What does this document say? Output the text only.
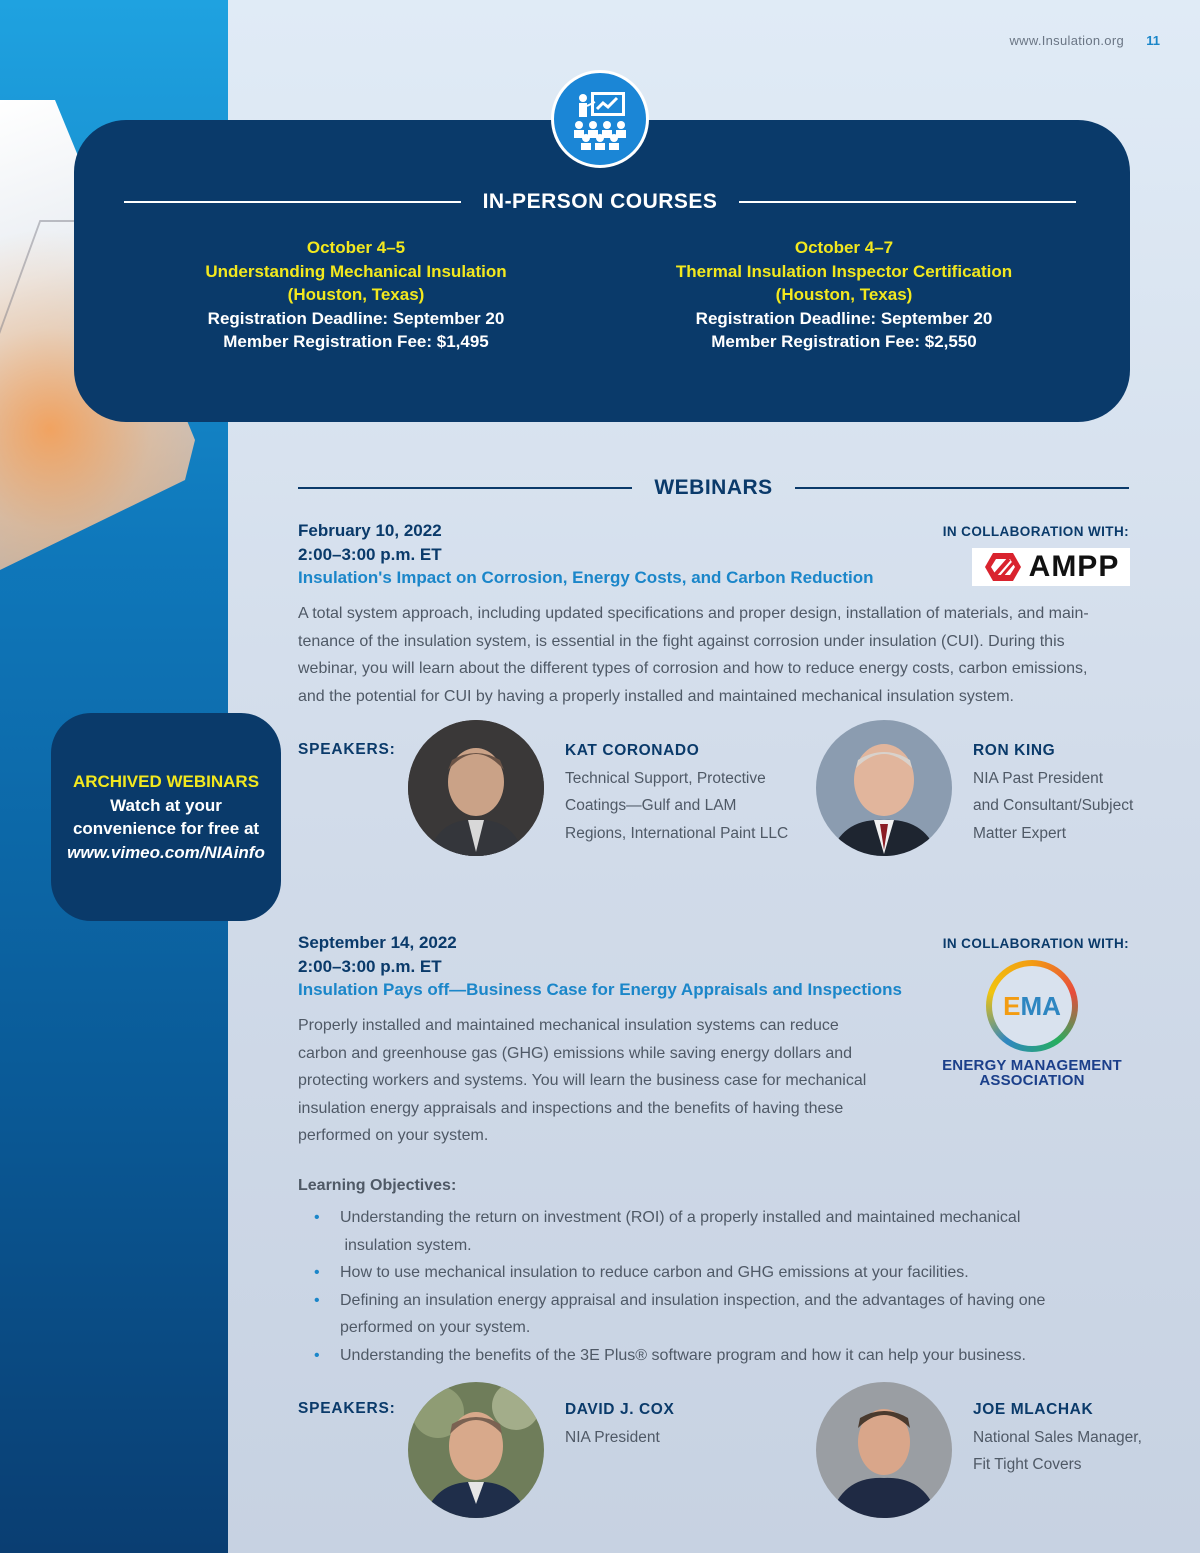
www.Insulation.org 11
IN-PERSON COURSES
October 4–5
Understanding Mechanical Insulation
(Houston, Texas)
Registration Deadline: September 20
Member Registration Fee: $1,495
October 4–7
Thermal Insulation Inspector Certification
(Houston, Texas)
Registration Deadline: September 20
Member Registration Fee: $2,550
WEBINARS
February 10, 2022
2:00–3:00 p.m. ET
Insulation's Impact on Corrosion, Energy Costs, and Carbon Reduction
IN COLLABORATION WITH:
AMPP
A total system approach, including updated specifications and proper design, installation of materials, and main-
tenance of the insulation system, is essential in the fight against corrosion under insulation (CUI). During this
webinar, you will learn about the different types of corrosion and how to reduce energy costs, carbon emissions,
and the potential for CUI by having a properly installed and maintained mechanical insulation system.
SPEAKERS:	KAT CORONADO
Technical Support, Protective
Coatings—Gulf and LAM
Regions, International Paint LLC
RON KING
NIA Past President
and Consultant/Subject
Matter Expert
ARCHIVED WEBINARS
Watch at your
convenience for free at
www.vimeo.com/NIAinfo
September 14, 2022
2:00–3:00 p.m. ET
Insulation Pays off—Business Case for Energy Appraisals and Inspections
IN COLLABORATION WITH:
E MA
ENERGY MANAGEMENT
ASSOCIATION
Properly installed and maintained mechanical insulation systems can reduce
carbon and greenhouse gas (GHG) emissions while saving energy dollars and
protecting workers and systems. You will learn the business case for mechanical
insulation energy appraisals and inspections and the benefits of having these
performed on your system.
Learning Objectives:
• Understanding the return on investment (ROI) of a properly installed and maintained mechanical
insulation system.
• How to use mechanical insulation to reduce carbon and GHG emissions at your facilities.
• Defining an insulation energy appraisal and insulation inspection, and the advantages of having one
performed on your system.
• Understanding the benefits of the 3E Plus® software program and how it can help your business.
SPEAKERS:	DAVID J. COX
NIA President
JOE MLACHAK
National Sales Manager,
Fit Tight Covers
